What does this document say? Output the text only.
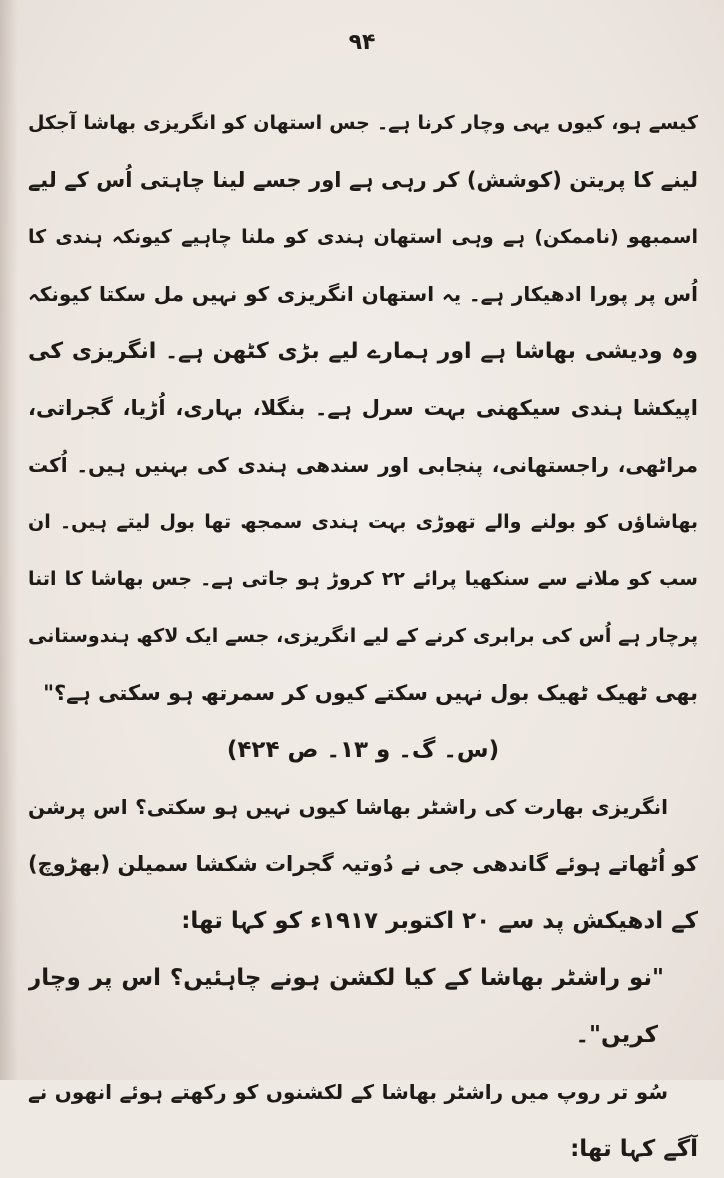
۹۴
کیسے ہو، کیوں یہی وچار کرنا ہے۔ جس استھان کو انگریزی بھاشا آجکل
لینے کا پریتن (کوشش) کر رہی ہے اور جسے لینا چاہتی اُس کے لیے
اسمبھو (ناممکن) ہے وہی استھان ہندی کو ملنا چاہیے کیونکہ ہندی کا
اُس پر پورا ادھیکار ہے۔ یہ استھان انگریزی کو نہیں مل سکتا کیونکہ
وہ ودیشی بھاشا ہے اور ہمارے لیے بڑی کٹھن ہے۔ انگریزی کی
اپیکشا ہندی سیکھنی بہت سرل ہے۔ بنگلا، بہاری، اُڑیا، گجراتی،
مراٹھی، راجستھانی، پنجابی اور سندھی ہندی کی بہنیں ہیں۔ اُکت
بھاشاؤں کو بولنے والے تھوڑی بہت ہندی سمجھ تھا بول لیتے ہیں۔ ان
سب کو ملانے سے سنکھیا پرائے ۲۲ کروڑ ہو جاتی ہے۔ جس بھاشا کا اتنا
پرچار ہے اُس کی برابری کرنے کے لیے انگریزی، جسے ایک لاکھ ہندوستانی
بھی ٹھیک ٹھیک بول نہیں سکتے کیوں کر سمرتھ ہو سکتی ہے؟"
(س۔ گ۔ و ۱۳۔ ص ۴۲۴)
انگریزی بھارت کی راشٹر بھاشا کیوں نہیں ہو سکتی؟ اس پرشن
کو اُٹھاتے ہوئے گاندھی جی نے دُوتیہ گجرات شکشا سمیلن (بھڑوچ)
کے ادھیکش پد سے ۲۰ اکتوبر ۱۹۱۷ء کو کہا تھا:
"نو راشٹر بھاشا کے کیا لکشن ہونے چاہئیں؟ اس پر وچار
کریں"۔
سُو تر روپ میں راشٹر بھاشا کے لکشنوں کو رکھتے ہوئے انھوں نے
آگے کہا تھا:
